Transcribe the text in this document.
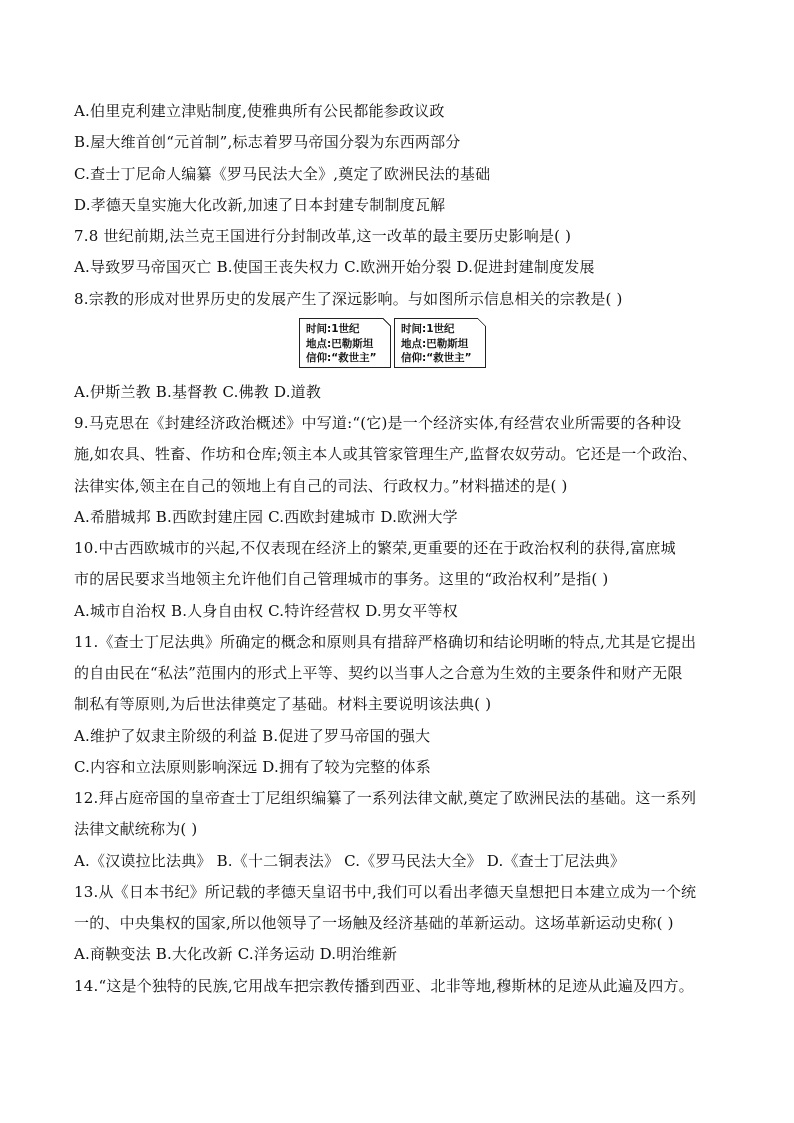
A.伯里克利建立津贴制度,使雅典所有公民都能参政议政
B.屋大维首创“元首制”,标志着罗马帝国分裂为东西两部分
C.查士丁尼命人编纂《罗马民法大全》,奠定了欧洲民法的基础
D.孝德天皇实施大化改新,加速了日本封建专制制度瓦解
7.8 世纪前期,法兰克王国进行分封制改革,这一改革的最主要历史影响是( )
A.导致罗马帝国灭亡 B.使国王丧失权力 C.欧洲开始分裂 D.促进封建制度发展
8.宗教的形成对世界历史的发展产生了深远影响。与如图所示信息相关的宗教是( )
时间:1世纪
地点:巴勒斯坦
信仰:“救世主”
时间:1世纪
地点:巴勒斯坦
信仰:“救世主”
A.伊斯兰教 B.基督教 C.佛教 D.道教
9.马克思在《封建经济政治概述》中写道:“(它)是一个经济实体,有经营农业所需要的各种设
施,如农具、牲畜、作坊和仓库;领主本人或其管家管理生产,监督农奴劳动。它还是一个政治、
法律实体,领主在自己的领地上有自己的司法、行政权力。”材料描述的是( )
A.希腊城邦 B.西欧封建庄园 C.西欧封建城市 D.欧洲大学
10.中古西欧城市的兴起,不仅表现在经济上的繁荣,更重要的还在于政治权利的获得,富庶城
市的居民要求当地领主允许他们自己管理城市的事务。这里的“政治权利”是指( )
A.城市自治权 B.人身自由权 C.特许经营权 D.男女平等权
11.《查士丁尼法典》所确定的概念和原则具有措辞严格确切和结论明晰的特点,尤其是它提出
的自由民在“私法”范围内的形式上平等、契约以当事人之合意为生效的主要条件和财产无限
制私有等原则,为后世法律奠定了基础。材料主要说明该法典( )
A.维护了奴隶主阶级的利益 B.促进了罗马帝国的强大
C.内容和立法原则影响深远 D.拥有了较为完整的体系
12.拜占庭帝国的皇帝查士丁尼组织编纂了一系列法律文献,奠定了欧洲民法的基础。这一系列
法律文献统称为( )
A.《汉谟拉比法典》 B.《十二铜表法》 C.《罗马民法大全》 D.《查士丁尼法典》
13.从《日本书纪》所记载的孝德天皇诏书中,我们可以看出孝德天皇想把日本建立成为一个统
一的、中央集权的国家,所以他领导了一场触及经济基础的革新运动。这场革新运动史称( )
A.商鞅变法 B.大化改新 C.洋务运动 D.明治维新
14.“这是个独特的民族,它用战车把宗教传播到西亚、北非等地,穆斯林的足迹从此遍及四方。
